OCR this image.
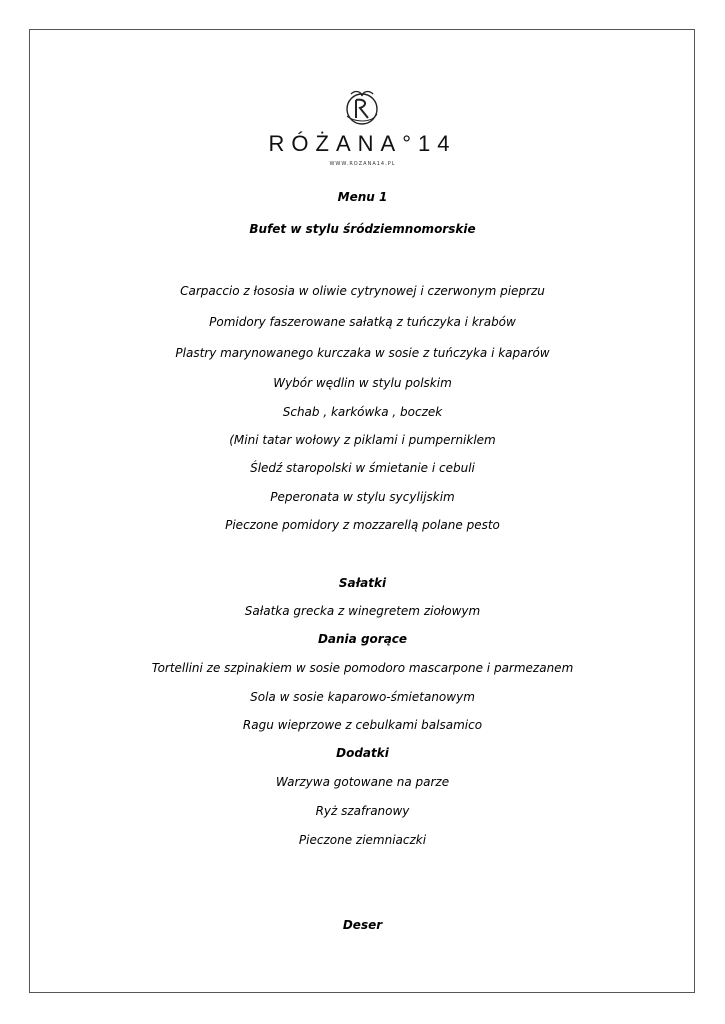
RÓŻANA°14
WWW.ROZANA14.PL
Menu 1
Bufet w stylu śródziemnomorskie
Carpaccio z łososia w oliwie cytrynowej i czerwonym pieprzu
Pomidory faszerowane sałatką z tuńczyka i krabów
Plastry marynowanego kurczaka w sosie z tuńczyka i kaparów
Wybór wędlin w stylu polskim
Schab , karkówka , boczek
(Mini tatar wołowy z piklami i pumperniklem
Śledź staropolski w śmietanie i cebuli
Peperonata w stylu sycylijskim
Pieczone pomidory z mozzarellą polane pesto
Sałatki
Sałatka grecka z winegretem ziołowym
Dania gorące
Tortellini ze szpinakiem w sosie pomodoro mascarpone i parmezanem
Sola w sosie kaparowo-śmietanowym
Ragu wieprzowe z cebulkami balsamico
Dodatki
Warzywa gotowane na parze
Ryż szafranowy
Pieczone ziemniaczki
Deser
